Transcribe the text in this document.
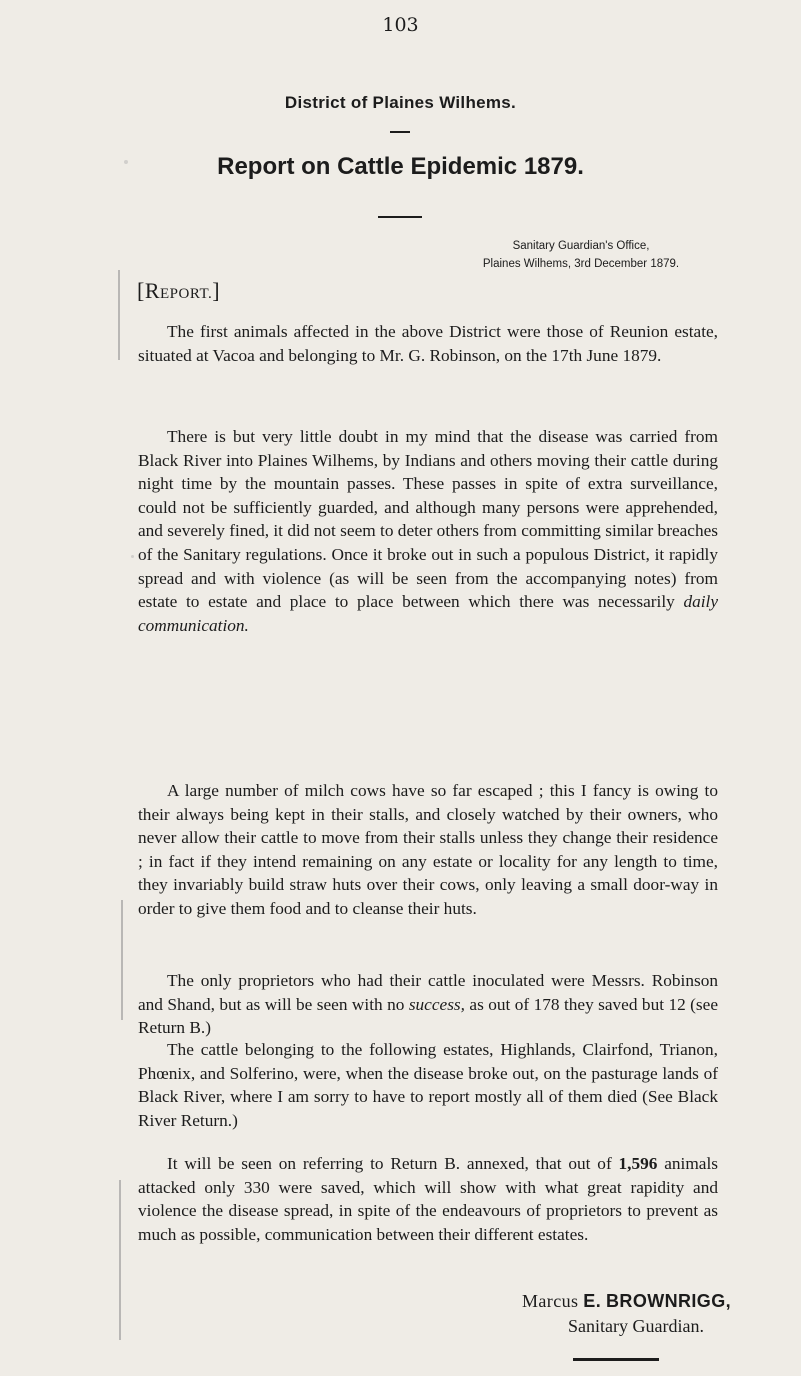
103
District of Plaines Wilhems.
Report on Cattle Epidemic 1879.
Sanitary Guardian's Office,
Plaines Wilhems, 3rd December 1879.
[REPORT.]

The first animals affected in the above District were those of Reunion estate, situated at Vacoa and belonging to Mr. G. Robinson, on the 17th June 1879.

There is but very little doubt in my mind that the disease was carried from Black River into Plaines Wilhems, by Indians and others moving their cattle during night time by the mountain passes. These passes in spite of extra surveillance, could not be sufficiently guarded, and although many persons were apprehended, and severely fined, it did not seem to deter others from committing similar breaches of the Sanitary regulations. Once it broke out in such a populous District, it rapidly spread and with violence (as will be seen from the accompanying notes) from estate to estate and place to place between which there was necessarily daily communication.

A large number of milch cows have so far escaped ; this I fancy is owing to their always being kept in their stalls, and closely watched by their owners, who never allow their cattle to move from their stalls unless they change their residence ; in fact if they intend remaining on any estate or locality for any length to time, they invariably build straw huts over their cows, only leaving a small door-way in order to give them food and to cleanse their huts.

The only proprietors who had their cattle inoculated were Messrs. Robinson and Shand, but as will be seen with no success, as out of 178 they saved but 12 (see Return B.)

The cattle belonging to the following estates, Highlands, Clairfond, Trianon, Phœnix, and Solferino, were, when the disease broke out, on the pasturage lands of Black River, where I am sorry to have to report mostly all of them died (See Black River Return.)

It will be seen on referring to Return B. annexed, that out of 1,596 animals attacked only 330 were saved, which will show with what great rapidity and violence the disease spread, in spite of the endeavours of proprietors to prevent as much as possible, communication between their different estates.

Marcus E. BROWNRIGG,
Sanitary Guardian.
